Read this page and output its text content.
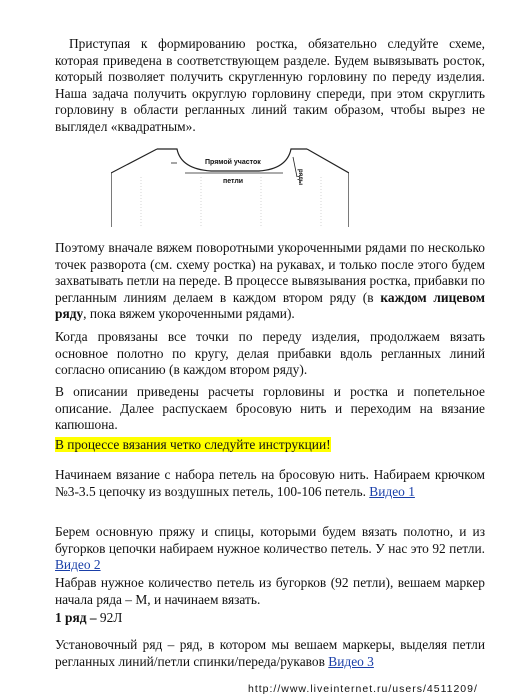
Приступая к формированию ростка, обязательно следуйте схеме, которая приведена в соответствующем разделе. Будем вывязывать росток, который позволяет получить скругленную горловину по переду изделия. Наша задача получить округлую горловину спереди, при этом скруглить горловину в области регланных линий таким образом, чтобы вырез не выглядел «квадратным».

Прямой участок
петли	ряды

Поэтому вначале вяжем поворотными укороченными рядами по несколько точек разворота (см. схему ростка) на рукавах, и только после этого будем захватывать петли на переде. В процессе вывязывания ростка, прибавки по регланным линиям делаем в каждом втором ряду (в каждом лицевом ряду, пока вяжем укороченными рядами).

Когда провязаны все точки по переду изделия, продолжаем вязать основное полотно по кругу, делая прибавки вдоль регланных линий согласно описанию (в каждом втором ряду).

В описании приведены расчеты горловины и ростка и попетельное описание. Далее распускаем бросовую нить и переходим на вязание капюшона.

В процессе вязания четко следуйте инструкции!

Начинаем вязание с набора петель на бросовую нить. Набираем крючком №3-3.5 цепочку из воздушных петель, 100-106 петель. Видео 1

Берем основную пряжу и спицы, которыми будем вязать полотно, и из бугорков цепочки набираем нужное количество петель. У нас это 92 петли. Видео 2

Набрав нужное количество петель из бугорков (92 петли), вешаем маркер начала ряда – М, и начинаем вязать.

1 ряд – 92Л

Установочный ряд – ряд, в котором мы вешаем маркеры, выделяя петли регланных линий/петли спинки/переда/рукавов Видео 3

http://www.liveinternet.ru/users/4511209/
